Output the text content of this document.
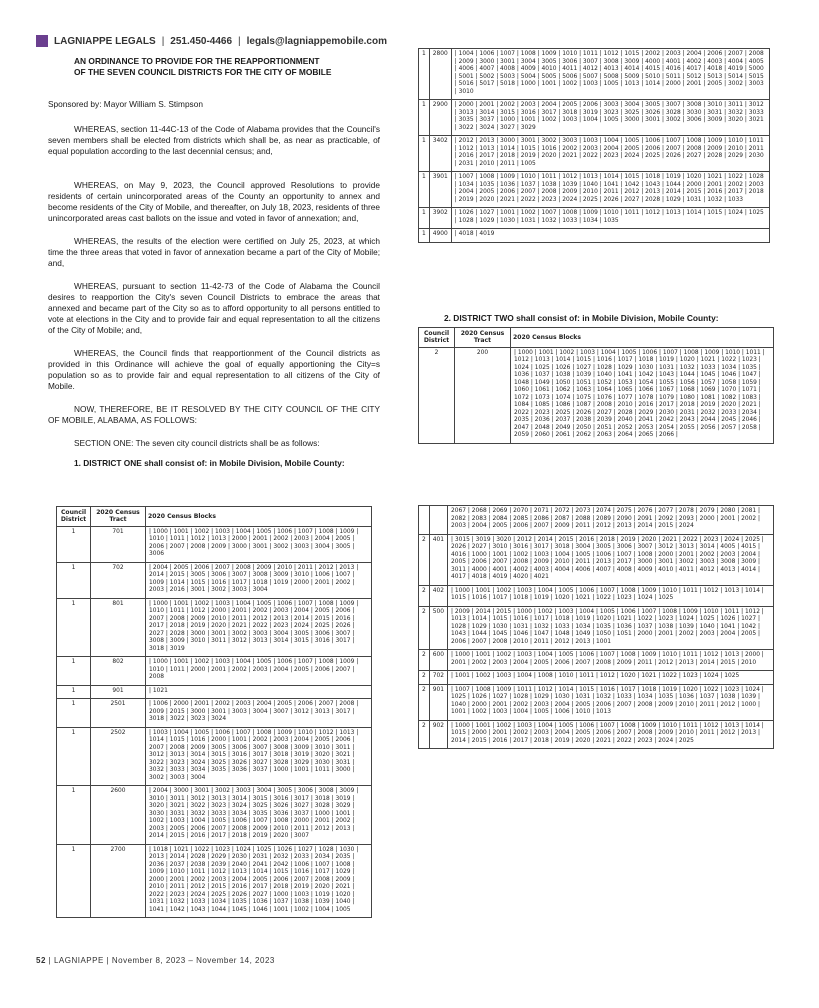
LAGNIAPPE LEGALS | 251.450-4466 | legals@lagniappemobile.com
AN ORDINANCE TO PROVIDE FOR THE REAPPORTIONMENT
OF THE SEVEN COUNCIL DISTRICTS FOR THE CITY OF MOBILE

Sponsored by: Mayor William S. Stimpson

WHEREAS, section 11-44C-13 of the Code of Alabama provides that the Council's seven members shall be elected from districts which shall be, as near as practicable, of equal population according to the last decennial census; and,

WHEREAS, on May 9, 2023, the Council approved Resolutions to provide residents of certain unincorporated areas of the County an opportunity to annex and become residents of the City of Mobile, and thereafter, on July 18, 2023, residents of three unincorporated areas cast ballots on the issue and voted in favor of annexation; and,

WHEREAS, the results of the election were certified on July 25, 2023, at which time the three areas that voted in favor of annexation became a part of the City of Mobile; and,

WHEREAS, pursuant to section 11-42-73 of the Code of Alabama the Council desires to reapportion the City's seven Council Districts to embrace the areas that annexed and became part of the City so as to afford opportunity to all persons entitled to vote at elections in the City and to provide fair and equal representation to all the citizens of the City of Mobile; and,

WHEREAS, the Council finds that reapportionment of the Council districts as provided in this Ordinance will achieve the goal of equally apportioning the City=s population so as to provide fair and equal representation to all citizens of the City of Mobile.

NOW, THEREFORE, BE IT RESOLVED BY THE CITY COUNCIL OF THE CITY OF MOBILE, ALABAMA, AS FOLLOWS:

SECTION ONE: The seven city council districts shall be as follows:

1. DISTRICT ONE shall consist of: in Mobile Division, Mobile County:

Council District	2020 Census Tract	2020 Census Blocks
1	701	| 1000 | 1001 | 1002 | 1003 | 1004 | 1005 | 1006 | 1007 | 1008 | 1009 | 1010 | 1011 | 1012 | 1013 | 2000 | 2001 | 2002 | 2003 | 2004 | 2005 | 2006 | 2007 | 2008 | 2009 | 3000 | 3001 | 3002 | 3003 | 3004 | 3005 | 3006
1	702	| 2004 | 2005 | 2006 | 2007 | 2008 | 2009 | 2010 | 2011 | 2012 | 2013 | 2014 | 2015 | 3005 | 3006 | 3007 | 3008 | 3009 | 3010 | 1006 | 1007 | 1009 | 1014 | 1015 | 1016 | 1017 | 1018 | 1019 | 2000 | 2001 | 2002 | 2003 | 2016 | 3001 | 3002 | 3003 | 3004
1	801	| 1000 | 1001 | 1002 | 1003 | 1004 | 1005 | 1006 | 1007 | 1008 | 1009 | 1010 | 1011 | 1012 | 2000 | 2001 | 2002 | 2003 | 2004 | 2005 | 2006 | 2007 | 2008 | 2009 | 2010 | 2011 | 2012 | 2013 | 2014 | 2015 | 2016 | 2017 | 2018 | 2019 | 2020 | 2021 | 2022 | 2023 | 2024 | 2025 | 2026 | 2027 | 2028 | 3000 | 3001 | 3002 | 3003 | 3004 | 3005 | 3006 | 3007 | 3008 | 3009 | 3010 | 3011 | 3012 | 3013 | 3014 | 3015 | 3016 | 3017 | 3018 | 3019
1	802	| 1000 | 1001 | 1002 | 1003 | 1004 | 1005 | 1006 | 1007 | 1008 | 1009 | 1010 | 1011 | 2000 | 2001 | 2002 | 2003 | 2004 | 2005 | 2006 | 2007 | 2008
1	901	| 1021
1	2501	| 1006 | 2000 | 2001 | 2002 | 2003 | 2004 | 2005 | 2006 | 2007 | 2008 | 2009 | 2015 | 3000 | 3001 | 3003 | 3004 | 3007 | 3012 | 3013 | 3017 | 3018 | 3022 | 3023 | 3024
1	2502	| 1003 | 1004 | 1005 | 1006 | 1007 | 1008 | 1009 | 1010 | 1012 | 1013 | 1014 | 1015 | 1016 | 2000 | 1001 | 2002 | 2003 | 2004 | 2005 | 2006 | 2007 | 2008 | 2009 | 3005 | 3006 | 3007 | 3008 | 3009 | 3010 | 3011 | 3012 | 3013 | 3014 | 3015 | 3016 | 3017 | 3018 | 3019 | 3020 | 3021 | 3022 | 3023 | 3024 | 3025 | 3026 | 3027 | 3028 | 3029 | 3030 | 3031 | 3032 | 3033 | 3034 | 3035 | 3036 | 3037 | 1000 | 1001 | 1011 | 3000 | 3002 | 3003 | 3004
1	2600	| 2004 | 3000 | 3001 | 3002 | 3003 | 3004 | 3005 | 3006 | 3008 | 3009 | 3010 | 3011 | 3012 | 3013 | 3014 | 3015 | 3016 | 3017 | 3018 | 3019 | 3020 | 3021 | 3022 | 3023 | 3024 | 3025 | 3026 | 3027 | 3028 | 3029 | 3030 | 3031 | 3032 | 3033 | 3034 | 3035 | 3036 | 3037 | 1000 | 1001 | 1002 | 1003 | 1004 | 1005 | 1006 | 1007 | 1008 | 2000 | 2001 | 2002 | 2003 | 2005 | 2006 | 2007 | 2008 | 2009 | 2010 | 2011 | 2012 | 2013 | 2014 | 2015 | 2016 | 2017 | 2018 | 2019 | 2020 | 3007
1	2700	| 1018 | 1021 | 1022 | 1023 | 1024 | 1025 | 1026 | 1027 | 1028 | 1030 | 2013 | 2014 | 2028 | 2029 | 2030 | 2031 | 2032 | 2033 | 2034 | 2035 | 2036 | 2037 | 2038 | 2039 | 2040 | 2041 | 2042 | 1006 | 1007 | 1008 | 1009 | 1010 | 1011 | 1012 | 1013 | 1014 | 1015 | 1016 | 1017 | 1029 | 2000 | 2001 | 2002 | 2003 | 2004 | 2005 | 2006 | 2007 | 2008 | 2009 | 2010 | 2011 | 2012 | 2015 | 2016 | 2017 | 2018 | 2019 | 2020 | 2021 | 2022 | 2023 | 2024 | 2025 | 2026 | 2027 | 1000 | 1003 | 1019 | 1020 | 1031 | 1032 | 1033 | 1034 | 1035 | 1036 | 1037 | 1038 | 1039 | 1040 | 1041 | 1042 | 1043 | 1044 | 1045 | 1046 | 1001 | 1002 | 1004 | 1005
1	2800	| 1004 | 1006 | 1007 | 1008 | 1009 | 1010 | 1011 | 1012 | 1015 | 2002 | 2003 | 2004 | 2006 | 2007 | 2008 | 2009 | 3000 | 3001 | 3004 | 3005 | 3006 | 3007 | 3008 | 3009 | 4000 | 4001 | 4002 | 4003 | 4004 | 4005 | 4006 | 4007 | 4008 | 4009 | 4010 | 4011 | 4012 | 4013 | 4014 | 4015 | 4016 | 4017 | 4018 | 4019 | 5000 | 5001 | 5002 | 5003 | 5004 | 5005 | 5006 | 5007 | 5008 | 5009 | 5010 | 5011 | 5012 | 5013 | 5014 | 5015 | 5016 | 5017 | 5018 | 1000 | 1001 | 1002 | 1003 | 1005 | 1013 | 1014 | 2000 | 2001 | 2005 | 3002 | 3003 | 3010
1	2900	| 2000 | 2001 | 2002 | 2003 | 2004 | 2005 | 2006 | 3003 | 3004 | 3005 | 3007 | 3008 | 3010 | 3011 | 3012 | 3013 | 3014 | 3015 | 3016 | 3017 | 3018 | 3019 | 3023 | 3025 | 3026 | 3028 | 3030 | 3031 | 3032 | 3033 | 3035 | 3037 | 1000 | 1001 | 1002 | 1003 | 1004 | 1005 | 3000 | 3001 | 3002 | 3006 | 3009 | 3020 | 3021 | 3022 | 3024 | 3027 | 3029
1	3402	| 2012 | 2013 | 3000 | 3001 | 3002 | 3003 | 1003 | 1004 | 1005 | 1006 | 1007 | 1008 | 1009 | 1010 | 1011 | 1012 | 1013 | 1014 | 1015 | 1016 | 2002 | 2003 | 2004 | 2005 | 2006 | 2007 | 2008 | 2009 | 2010 | 2011 | 2016 | 2017 | 2018 | 2019 | 2020 | 2021 | 2022 | 2023 | 2024 | 2025 | 2026 | 2027 | 2028 | 2029 | 2030 | 2031 | 2010 | 2011 | 1005
1	3901	| 1007 | 1008 | 1009 | 1010 | 1011 | 1012 | 1013 | 1014 | 1015 | 1018 | 1019 | 1020 | 1021 | 1022 | 1028 | 1034 | 1035 | 1036 | 1037 | 1038 | 1039 | 1040 | 1041 | 1042 | 1043 | 1044 | 2000 | 2001 | 2002 | 2003 | 2004 | 2005 | 2006 | 2007 | 2008 | 2009 | 2010 | 2011 | 2012 | 2013 | 2014 | 2015 | 2016 | 2017 | 2018 | 2019 | 2020 | 2021 | 2022 | 2023 | 2024 | 2025 | 2026 | 2027 | 2028 | 1029 | 1031 | 1032 | 1033
1	3902	| 1026 | 1027 | 1001 | 1002 | 1007 | 1008 | 1009 | 1010 | 1011 | 1012 | 1013 | 1014 | 1015 | 1024 | 1025 | 1028 | 1029 | 1030 | 1031 | 1032 | 1033 | 1034 | 1035
1	4900	| 4018 | 4019
2. DISTRICT TWO shall consist of: in Mobile Division, Mobile County:
Council District	2020 Census Tract	2020 Census Blocks
2	200	| 1000 | 1001 | 1002 | 1003 | 1004 | 1005 | 1006 | 1007 | 1008 | 1009 | 1010 | 1011 | 1012 | 1013 | 1014 | 1015 | 1016 | 1017 | 1018 | 1019 | 1020 | 1021 | 1022 | 1023 | 1024 | 1025 | 1026 | 1027 | 1028 | 1029 | 1030 | 1031 | 1032 | 1033 | 1034 | 1035 | 1036 | 1037 | 1038 | 1039 | 1040 | 1041 | 1042 | 1043 | 1044 | 1045 | 1046 | 1047 | 1048 | 1049 | 1050 | 1051 | 1052 | 1053 | 1054 | 1055 | 1056 | 1057 | 1058 | 1059 | 1060 | 1061 | 1062 | 1063 | 1064 | 1065 | 1066 | 1067 | 1068 | 1069 | 1070 | 1071 | 1072 | 1073 | 1074 | 1075 | 1076 | 1077 | 1078 | 1079 | 1080 | 1081 | 1082 | 1083 | 1084 | 1085 | 1086 | 1087 | 2008 | 2010 | 2016 | 2017 | 2018 | 2019 | 2020 | 2021 | 2022 | 2023 | 2025 | 2026 | 2027 | 2028 | 2029 | 2030 | 2031 | 2032 | 2033 | 2034 | 2035 | 2036 | 2037 | 2038 | 2039 | 2040 | 2041 | 2042 | 2043 | 2044 | 2045 | 2046 | 2047 | 2048 | 2049 | 2050 | 2051 | 2052 | 2053 | 2054 | 2055 | 2056 | 2057 | 2058 | 2059 | 2060 | 2061 | 2062 | 2063 | 2064 | 2065 | 2066 |
		2067 | 2068 | 2069 | 2070 | 2071 | 2072 | 2073 | 2074 | 2075 | 2076 | 2077 | 2078 | 2079 | 2080 | 2081 | 2082 | 2083 | 2084 | 2085 | 2086 | 2087 | 2088 | 2089 | 2090 | 2091 | 2092 | 2093 | 2000 | 2001 | 2002 | 2003 | 2004 | 2005 | 2006 | 2007 | 2009 | 2011 | 2012 | 2013 | 2014 | 2015 | 2024
2	401	| 3015 | 3019 | 3020 | 2012 | 2014 | 2015 | 2016 | 2018 | 2019 | 2020 | 2021 | 2022 | 2023 | 2024 | 2025 | 2026 | 2027 | 3010 | 3016 | 3017 | 3018 | 3004 | 3005 | 3006 | 3007 | 3012 | 3013 | 3014 | 4005 | 4015 | 4016 | 1000 | 1001 | 1002 | 1003 | 1004 | 1005 | 1006 | 1007 | 1008 | 2000 | 2001 | 2002 | 2003 | 2004 | 2005 | 2006 | 2007 | 2008 | 2009 | 2010 | 2011 | 2013 | 2017 | 3000 | 3001 | 3002 | 3003 | 3008 | 3009 | 3011 | 4000 | 4001 | 4002 | 4003 | 4004 | 4006 | 4007 | 4008 | 4009 | 4010 | 4011 | 4012 | 4013 | 4014 | 4017 | 4018 | 4019 | 4020 | 4021
2	402	| 1000 | 1001 | 1002 | 1003 | 1004 | 1005 | 1006 | 1007 | 1008 | 1009 | 1010 | 1011 | 1012 | 1013 | 1014 | 1015 | 1016 | 1017 | 1018 | 1019 | 1020 | 1021 | 1022 | 1023 | 1024 | 1025
2	500	| 2009 | 2014 | 2015 | 1000 | 1002 | 1003 | 1004 | 1005 | 1006 | 1007 | 1008 | 1009 | 1010 | 1011 | 1012 | 1013 | 1014 | 1015 | 1016 | 1017 | 1018 | 1019 | 1020 | 1021 | 1022 | 1023 | 1024 | 1025 | 1026 | 1027 | 1028 | 1029 | 1030 | 1031 | 1032 | 1033 | 1034 | 1035 | 1036 | 1037 | 1038 | 1039 | 1040 | 1041 | 1042 | 1043 | 1044 | 1045 | 1046 | 1047 | 1048 | 1049 | 1050 | 1051 | 2000 | 2001 | 2002 | 2003 | 2004 | 2005 | 2006 | 2007 | 2008 | 2010 | 2011 | 2012 | 2013 | 1001
2	600	| 1000 | 1001 | 1002 | 1003 | 1004 | 1005 | 1006 | 1007 | 1008 | 1009 | 1010 | 1011 | 1012 | 1013 | 2000 | 2001 | 2002 | 2003 | 2004 | 2005 | 2006 | 2007 | 2008 | 2009 | 2011 | 2012 | 2013 | 2014 | 2015 | 2010
2	702	| 1001 | 1002 | 1003 | 1004 | 1008 | 1010 | 1011 | 1012 | 1020 | 1021 | 1022 | 1023 | 1024 | 1025
2	901	| 1007 | 1008 | 1009 | 1011 | 1012 | 1014 | 1015 | 1016 | 1017 | 1018 | 1019 | 1020 | 1022 | 1023 | 1024 | 1025 | 1026 | 1027 | 1028 | 1029 | 1030 | 1031 | 1032 | 1033 | 1034 | 1035 | 1036 | 1037 | 1038 | 1039 | 1040 | 2000 | 2001 | 2002 | 2003 | 2004 | 2005 | 2006 | 2007 | 2008 | 2009 | 2010 | 2011 | 2012 | 1000 | 1001 | 1002 | 1003 | 1004 | 1005 | 1006 | 1010 | 1013
2	902	| 1000 | 1001 | 1002 | 1003 | 1004 | 1005 | 1006 | 1007 | 1008 | 1009 | 1010 | 1011 | 1012 | 1013 | 1014 | 1015 | 2000 | 2001 | 2002 | 2003 | 2004 | 2005 | 2006 | 2007 | 2008 | 2009 | 2010 | 2011 | 2012 | 2013 | 2014 | 2015 | 2016 | 2017 | 2018 | 2019 | 2020 | 2021 | 2022 | 2023 | 2024 | 2025
52 | LAGNIAPPE | November 8, 2023 – November 14, 2023
